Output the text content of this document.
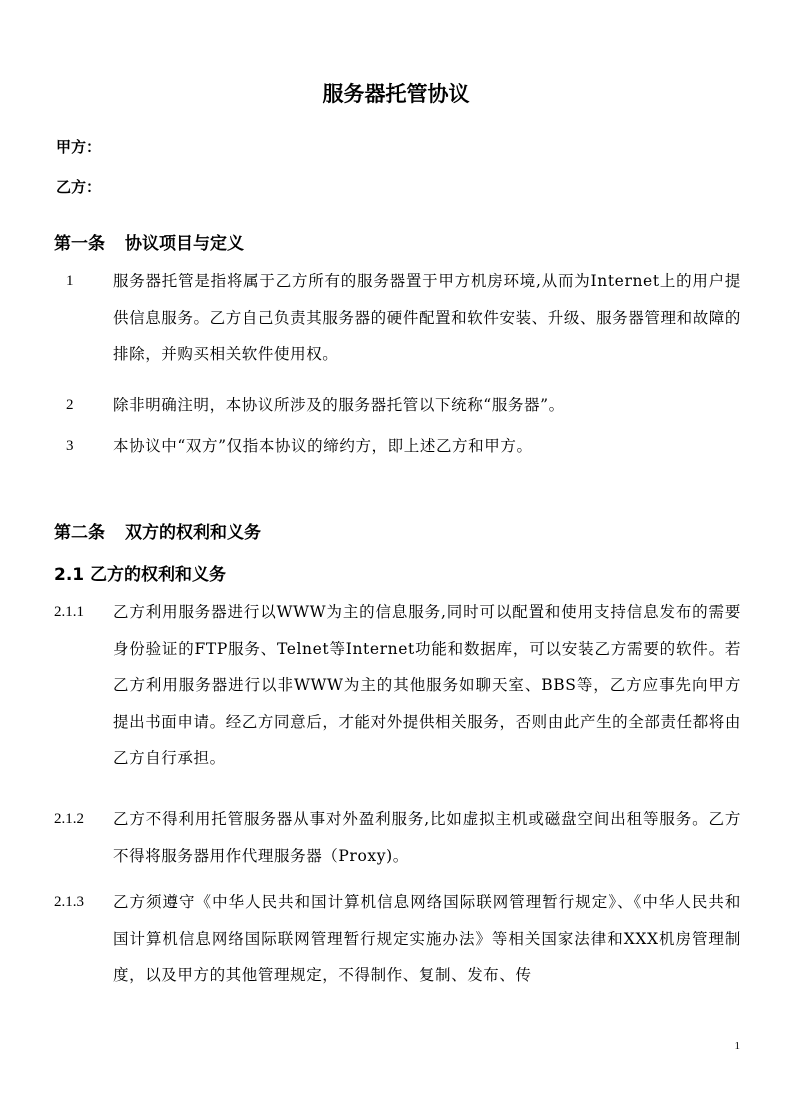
服务器托管协议
甲方：
乙方：
第一条 协议项目与定义
1	服务器托管是指将属于乙方所有的服务器置于甲方机房环境,从而为Internet上的用户提供信息服务。乙方自己负责其服务器的硬件配置和软件安装、升级、服务器管理和故障的排除，并购买相关软件使用权。
2	除非明确注明，本协议所涉及的服务器托管以下统称“服务器”。
3	本协议中“双方”仅指本协议的缔约方，即上述乙方和甲方。
第二条 双方的权利和义务
2.1 乙方的权利和义务
2.1.1 乙方利用服务器进行以WWW为主的信息服务,同时可以配置和使用支持信息发布的需要身份验证的FTP服务、Telnet等Internet功能和数据库，可以安装乙方需要的软件。若乙方利用服务器进行以非WWW为主的其他服务如聊天室、BBS等，乙方应事先向甲方提出书面申请。经乙方同意后，才能对外提供相关服务，否则由此产生的全部责任都将由乙方自行承担。
2.1.2 乙方不得利用托管服务器从事对外盈利服务,比如虚拟主机或磁盘空间出租等服务。乙方不得将服务器用作代理服务器（Proxy)。
2.1.3 乙方须遵守《中华人民共和国计算机信息网络国际联网管理暂行规定》、《中华人民共和国计算机信息网络国际联网管理暂行规定实施办法》等相关国家法律和XXX机房管理制度，以及甲方的其他管理规定，不得制作、复制、发布、传
1
